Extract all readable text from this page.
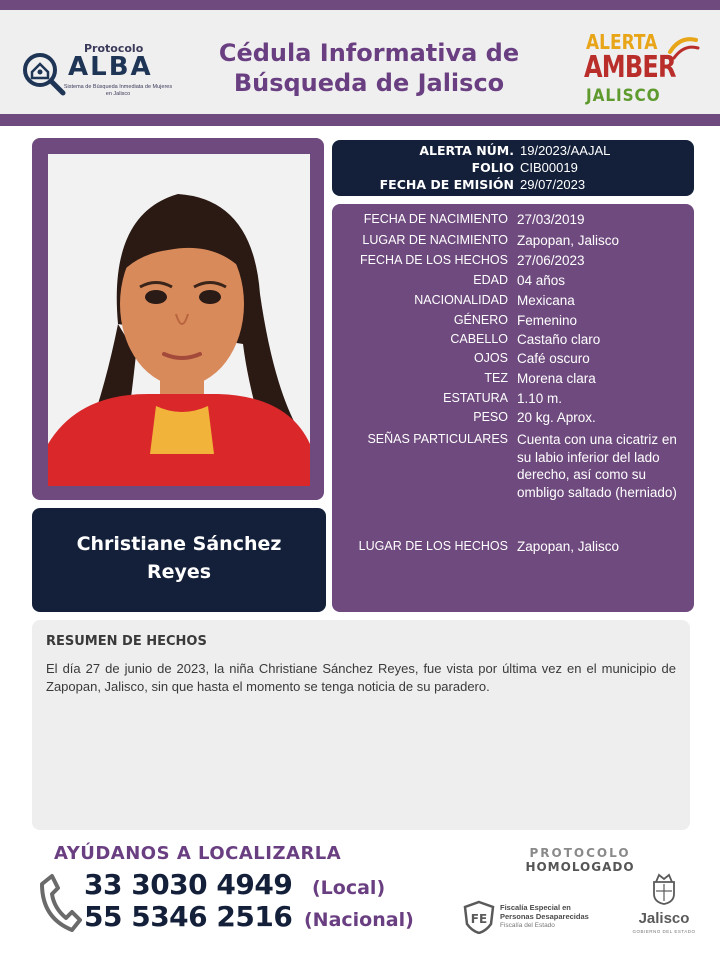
Protocolo
ALBA
Sistema de Búsqueda Inmediata de Mujeres en Jalisco
Cédula Informativa de
Búsqueda de Jalisco
ALERTA
AMBER
JALISCO
Christiane Sánchez
Reyes
ALERTA NÚM. 19/2023/AAJAL
FOLIO CIB00019
FECHA DE EMISIÓN 29/07/2023
FECHA DE NACIMIENTO 27/03/2019
LUGAR DE NACIMIENTO Zapopan, Jalisco
FECHA DE LOS HECHOS 27/06/2023
EDAD 04 años
NACIONALIDAD Mexicana
GÉNERO Femenino
CABELLO Castaño claro
OJOS Café oscuro
TEZ Morena clara
ESTATURA 1.10 m.
PESO 20 kg. Aprox.
SEÑAS PARTICULARES Cuenta con una cicatriz en su labio inferior del lado derecho, así como su ombligo saltado (herniado)
LUGAR DE LOS HECHOS Zapopan, Jalisco
RESUMEN DE HECHOS
El día 27 de junio de 2023, la niña Christiane Sánchez Reyes, fue vista por última vez en el municipio de Zapopan, Jalisco, sin que hasta el momento se tenga noticia de su paradero.
AYÚDANOS A LOCALIZARLA
33 3030 4949 (Local)
55 5346 2516 (Nacional)
PROTOCOLO
HOMOLOGADO
FE
Fiscalía Especial en
Personas Desaparecidas
Fiscalía del Estado	Jalisco
GOBIERNO DEL ESTADO
